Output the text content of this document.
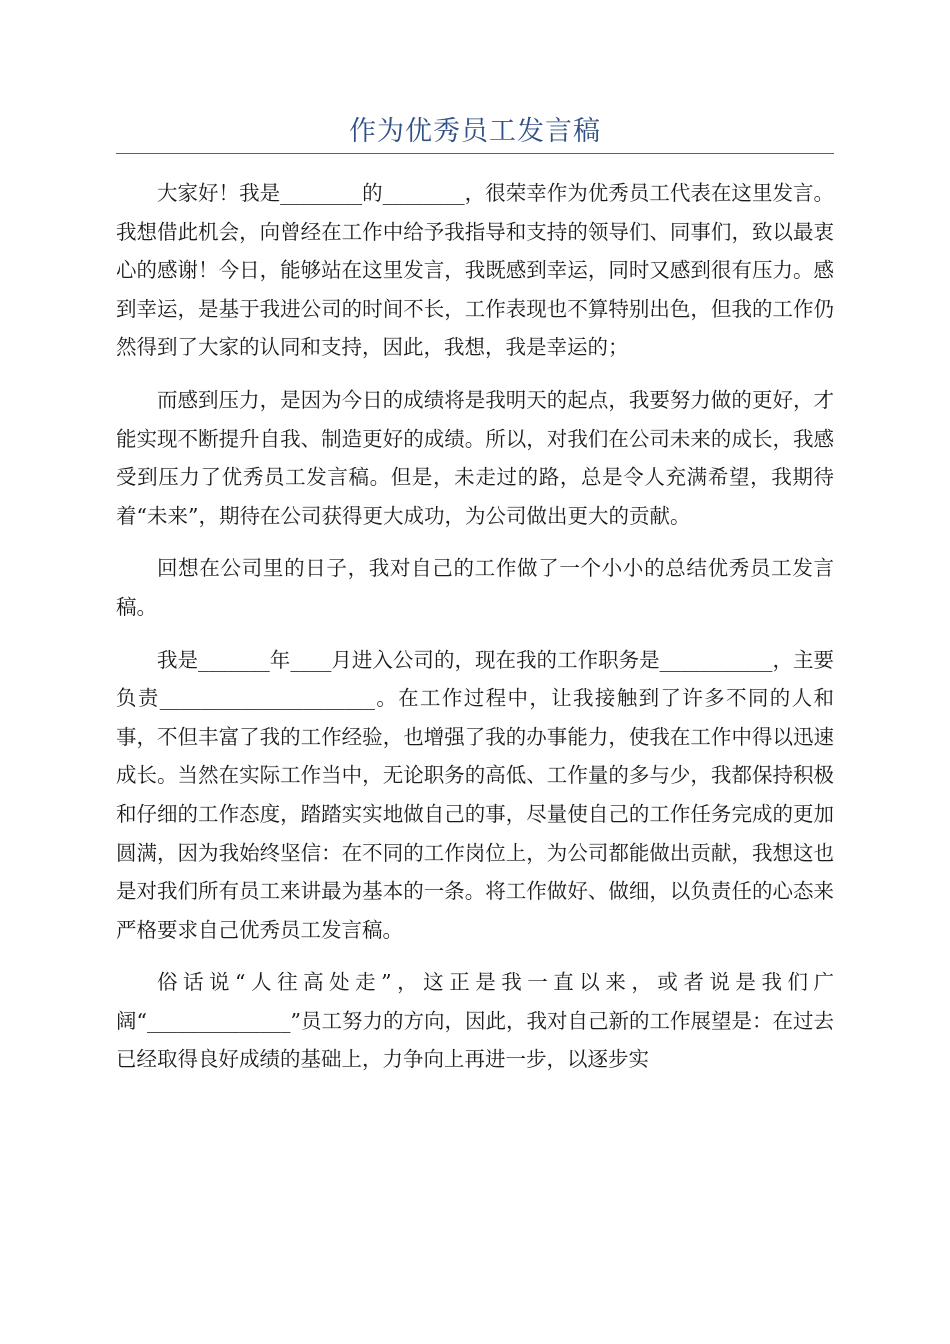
作为优秀员工发言稿

大家好！我是________的________，很荣幸作为优秀员工代表在这里发言。我想借此机会，向曾经在工作中给予我指导和支持的领导们、同事们，致以最衷心的感谢！今日，能够站在这里发言，我既感到幸运，同时又感到很有压力。感到幸运，是基于我进公司的时间不长，工作表现也不算特别出色，但我的工作仍然得到了大家的认同和支持，因此，我想，我是幸运的；

而感到压力，是因为今日的成绩将是我明天的起点，我要努力做的更好，才能实现不断提升自我、制造更好的成绩。所以，对我们在公司未来的成长，我感受到压力了优秀员工发言稿。但是，未走过的路，总是令人充满希望，我期待着“未来”，期待在公司获得更大成功，为公司做出更大的贡献。

回想在公司里的日子，我对自己的工作做了一个小小的总结优秀员工发言稿。

我是_______年____月进入公司的，现在我的工作职务是___________，主要负责_____________________。在工作过程中，让我接触到了许多不同的人和事，不但丰富了我的工作经验，也增强了我的办事能力，使我在工作中得以迅速成长。当然在实际工作当中，无论职务的高低、工作量的多与少，我都保持积极和仔细的工作态度，踏踏实实地做自己的事，尽量使自己的工作任务完成的更加圆满，因为我始终坚信：在不同的工作岗位上，为公司都能做出贡献，我想这也是对我们所有员工来讲最为基本的一条。将工作做好、做细，以负责任的心态来严格要求自己优秀员工发言稿。

俗话说“人往高处走”，这正是我一直以来，或者说是我们广阔“______________”员工努力的方向，因此，我对自己新的工作展望是：在过去已经取得良好成绩的基础上，力争向上再进一步，以逐步实
